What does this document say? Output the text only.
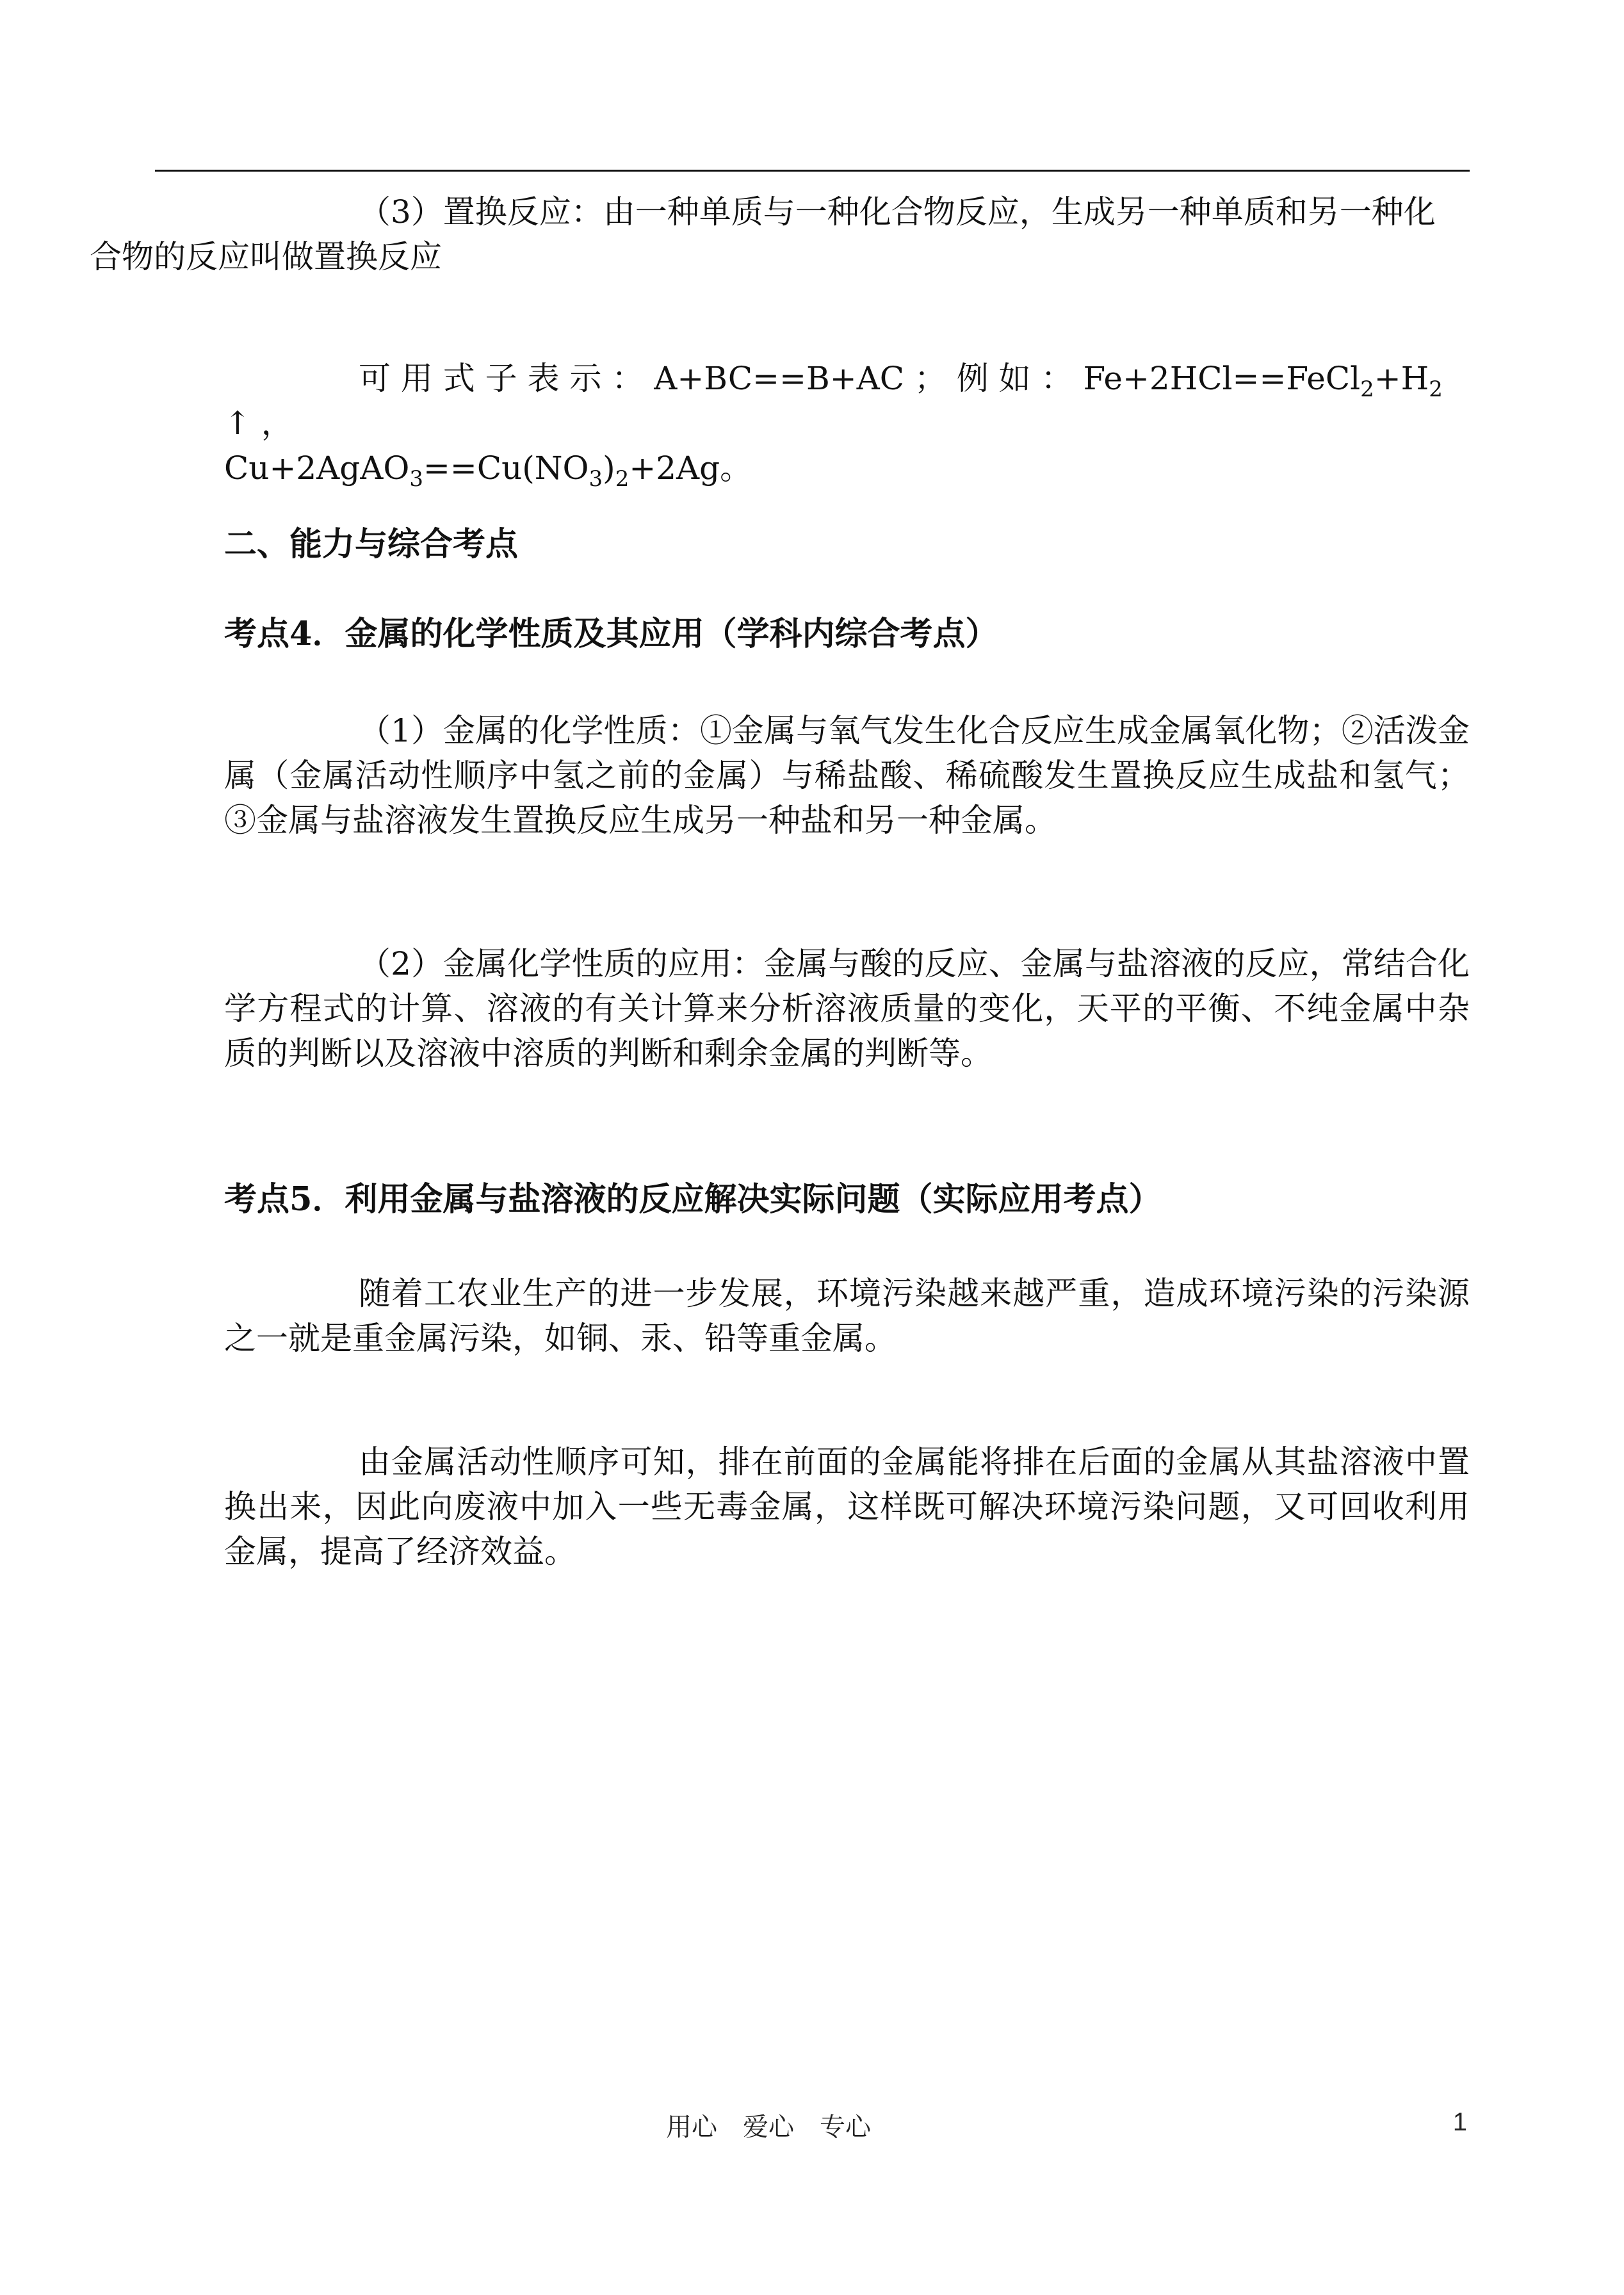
（3）置换反应：由一种单质与一种化合物反应，生成另一种单质和另一种化
合物的反应叫做置换反应

可 用 式 子 表 示 ： A+BC==B+AC ； 例 如 ： $Fe+2HCl==FeCl_2+H_2$ ↑ ，
$Cu+2AgAO_3==Cu(NO_3)_2+2Ag$。

二、能力与综合考点
考点4．金属的化学性质及其应用（学科内综合考点）

（1）金属的化学性质：①金属与氧气发生化合反应生成金属氧化物；②活泼金属（金属活动性顺序中氢之前的金属）与稀盐酸、稀硫酸发生置换反应生成盐和氢气；③金属与盐溶液发生置换反应生成另一种盐和另一种金属。

（2）金属化学性质的应用：金属与酸的反应、金属与盐溶液的反应，常结合化学方程式的计算、溶液的有关计算来分析溶液质量的变化，天平的平衡、不纯金属中杂质的判断以及溶液中溶质的判断和剩余金属的判断等。

考点5．利用金属与盐溶液的反应解决实际问题（实际应用考点）

随着工农业生产的进一步发展，环境污染越来越严重，造成环境污染的污染源之一就是重金属污染，如铜、汞、铅等重金属。

由金属活动性顺序可知，排在前面的金属能将排在后面的金属从其盐溶液中置换出来，因此向废液中加入一些无毒金属，这样既可解决环境污染问题，又可回收利用金属，提高了经济效益。

用心　爱心　专心	1
